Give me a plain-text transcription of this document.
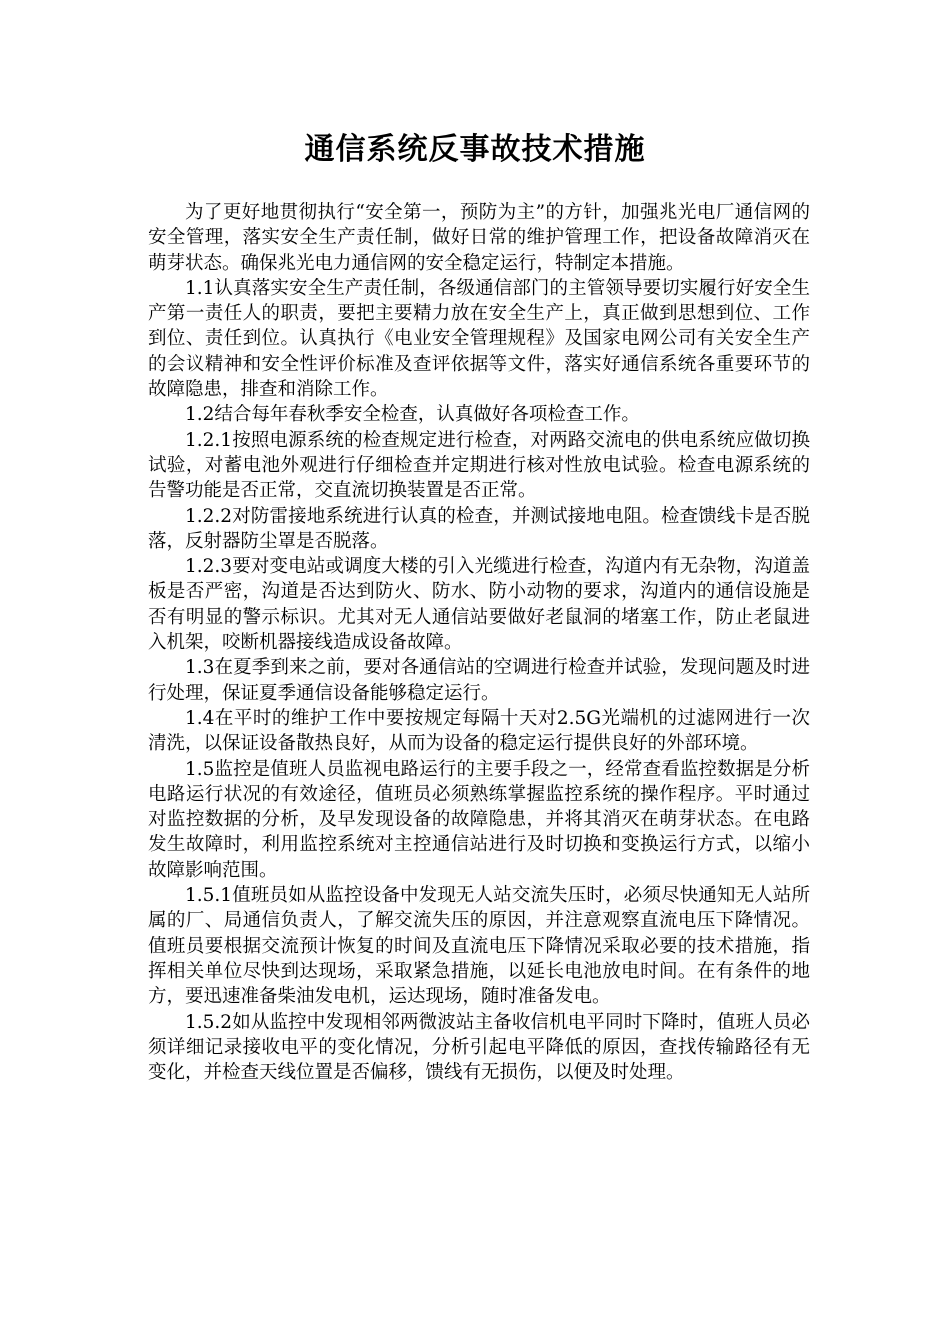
通信系统反事故技术措施

为了更好地贯彻执行“安全第一，预防为主”的方针，加强兆光电厂通信网的安全管理，落实安全生产责任制，做好日常的维护管理工作，把设备故障消灭在萌芽状态。确保兆光电力通信网的安全稳定运行，特制定本措施。

1.1认真落实安全生产责任制，各级通信部门的主管领导要切实履行好安全生产第一责任人的职责，要把主要精力放在安全生产上，真正做到思想到位、工作到位、责任到位。认真执行《电业安全管理规程》及国家电网公司有关安全生产的会议精神和安全性评价标准及查评依据等文件，落实好通信系统各重要环节的故障隐患，排查和消除工作。

1.2结合每年春秋季安全检查，认真做好各项检查工作。

1.2.1按照电源系统的检查规定进行检查，对两路交流电的供电系统应做切换试验，对蓄电池外观进行仔细检查并定期进行核对性放电试验。检查电源系统的告警功能是否正常，交直流切换装置是否正常。

1.2.2对防雷接地系统进行认真的检查，并测试接地电阻。检查馈线卡是否脱落，反射器防尘罩是否脱落。

1.2.3要对变电站或调度大楼的引入光缆进行检查，沟道内有无杂物，沟道盖板是否严密，沟道是否达到防火、防水、防小动物的要求，沟道内的通信设施是否有明显的警示标识。尤其对无人通信站要做好老鼠洞的堵塞工作，防止老鼠进入机架，咬断机器接线造成设备故障。

1.3在夏季到来之前，要对各通信站的空调进行检查并试验，发现问题及时进行处理，保证夏季通信设备能够稳定运行。

1.4在平时的维护工作中要按规定每隔十天对2.5G光端机的过滤网进行一次清洗，以保证设备散热良好，从而为设备的稳定运行提供良好的外部环境。

1.5监控是值班人员监视电路运行的主要手段之一，经常查看监控数据是分析电路运行状况的有效途径，值班员必须熟练掌握监控系统的操作程序。平时通过对监控数据的分析，及早发现设备的故障隐患，并将其消灭在萌芽状态。在电路发生故障时，利用监控系统对主控通信站进行及时切换和变换运行方式，以缩小故障影响范围。

1.5.1值班员如从监控设备中发现无人站交流失压时，必须尽快通知无人站所属的厂、局通信负责人，了解交流失压的原因，并注意观察直流电压下降情况。值班员要根据交流预计恢复的时间及直流电压下降情况采取必要的技术措施，指挥相关单位尽快到达现场，采取紧急措施，以延长电池放电时间。在有条件的地方，要迅速准备柴油发电机，运达现场，随时准备发电。

1.5.2如从监控中发现相邻两微波站主备收信机电平同时下降时，值班人员必须详细记录接收电平的变化情况，分析引起电平降低的原因，查找传输路径有无变化，并检查天线位置是否偏移，馈线有无损伤，以便及时处理。
